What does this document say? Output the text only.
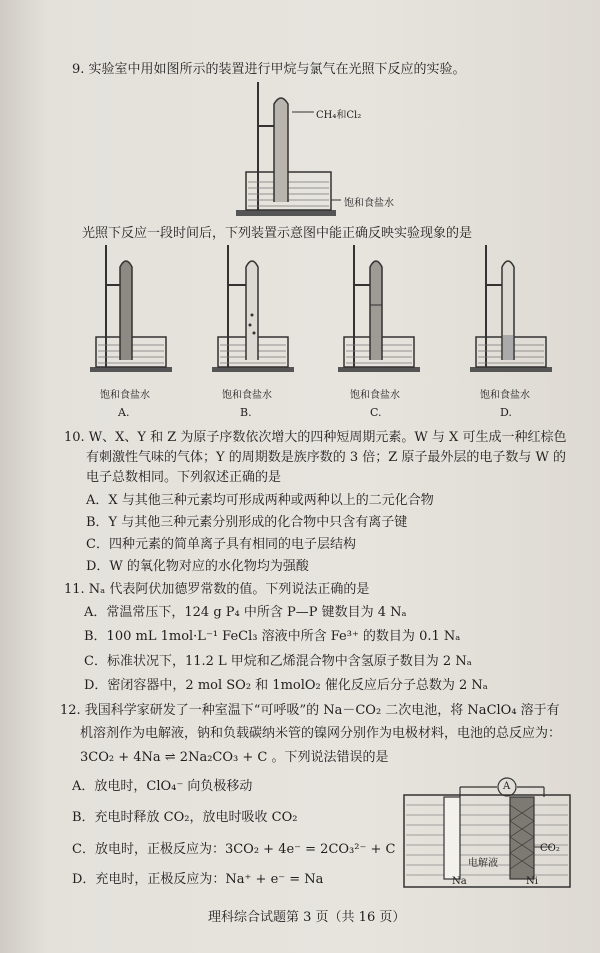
9. 实验室中用如图所示的装置进行甲烷与氯气在光照下反应的实验。
CH₄和Cl₂
饱和食盐水
光照下反应一段时间后，下列装置示意图中能正确反映实验现象的是
饱和食盐水	饱和食盐水	饱和食盐水	饱和食盐水
A.	B.	C.	D.
10. W、X、Y 和 Z 为原子序数依次增大的四种短周期元素。W 与 X 可生成一种红棕色
有刺激性气味的气体；Y 的周期数是族序数的 3 倍；Z 原子最外层的电子数与 W 的
电子总数相同。下列叙述正确的是
A．X 与其他三种元素均可形成两种或两种以上的二元化合物
B．Y 与其他三种元素分别形成的化合物中只含有离子键
C．四种元素的简单离子具有相同的电子层结构
D．W 的氧化物对应的水化物均为强酸
11. Nₐ 代表阿伏加德罗常数的值。下列说法正确的是
A．常温常压下，124 g P₄ 中所含 P—P 键数目为 4 Nₐ
B．100 mL 1mol·L⁻¹ FeCl₃ 溶液中所含 Fe³⁺ 的数目为 0.1 Nₐ
C．标准状况下，11.2 L 甲烷和乙烯混合物中含氢原子数目为 2 Nₐ
D．密闭容器中，2 mol SO₂ 和 1molO₂ 催化反应后分子总数为 2 Nₐ
12. 我国科学家研发了一种室温下“可呼吸”的 Na－CO₂ 二次电池，将 NaClO₄ 溶于有
机溶剂作为电解液，钠和负载碳纳米管的镍网分别作为电极材料，电池的总反应为：
3CO₂ + 4Na ⇌ 2Na₂CO₃ + C 。下列说法错误的是
A．放电时，ClO₄⁻ 向负极移动
B．充电时释放 CO₂，放电时吸收 CO₂
C．放电时，正极反应为：3CO₂ + 4e⁻ = 2CO₃²⁻ + C
D．充电时，正极反应为：Na⁺ + e⁻ = Na
A
电解液
CO₂
Na	Ni
理科综合试题第 3 页（共 16 页）
